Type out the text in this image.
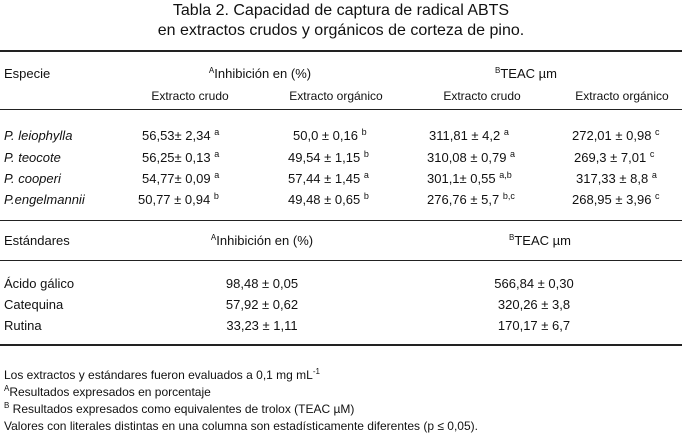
Tabla 2. Capacidad de captura de radical ABTS
en extractos crudos y orgánicos de corteza de pino.
Especie	$^A$Inhibición en (%)	$^B$TEAC µm
Extracto crudo	Extracto orgánico	Extracto crudo	Extracto orgánico
P. leiophylla	56,53± 2,34 $^a$	50,0 ± 0,16 $^b$	311,81 ± 4,2 $^a$	272,01 ± 0,98 $^c$
P. teocote	56,25± 0,13 $^a$	49,54 ± 1,15 $^b$	310,08 ± 0,79 $^a$	269,3 ± 7,01 $^c$
P. cooperi	54,77± 0,09 $^a$	57,44 ± 1,45 $^a$	301,1± 0,55 $^{a,b}$	317,33 ± 8,8 $^a$
P.engelmannii	50,77 ± 0,94 $^b$	49,48 ± 0,65 $^b$	276,76 ± 5,7 $^{b,c}$	268,95 ± 3,96 $^c$
Estándares	$^A$Inhibición en (%)	$^B$TEAC µm
Ácido gálico	98,48 ± 0,05	566,84 ± 0,30
Catequina	57,92 ± 0,62	320,26 ± 3,8
Rutina	33,23 ± 1,11	170,17 ± 6,7
Los extractos y estándares fueron evaluados a 0,1 mg $mL^{-1}$
$^A$Resultados expresados en porcentaje
$^B$ Resultados expresados como equivalentes de trolox (TEAC µM)
Valores con literales distintas en una columna son estadísticamente diferentes (p ≤ 0,05).
